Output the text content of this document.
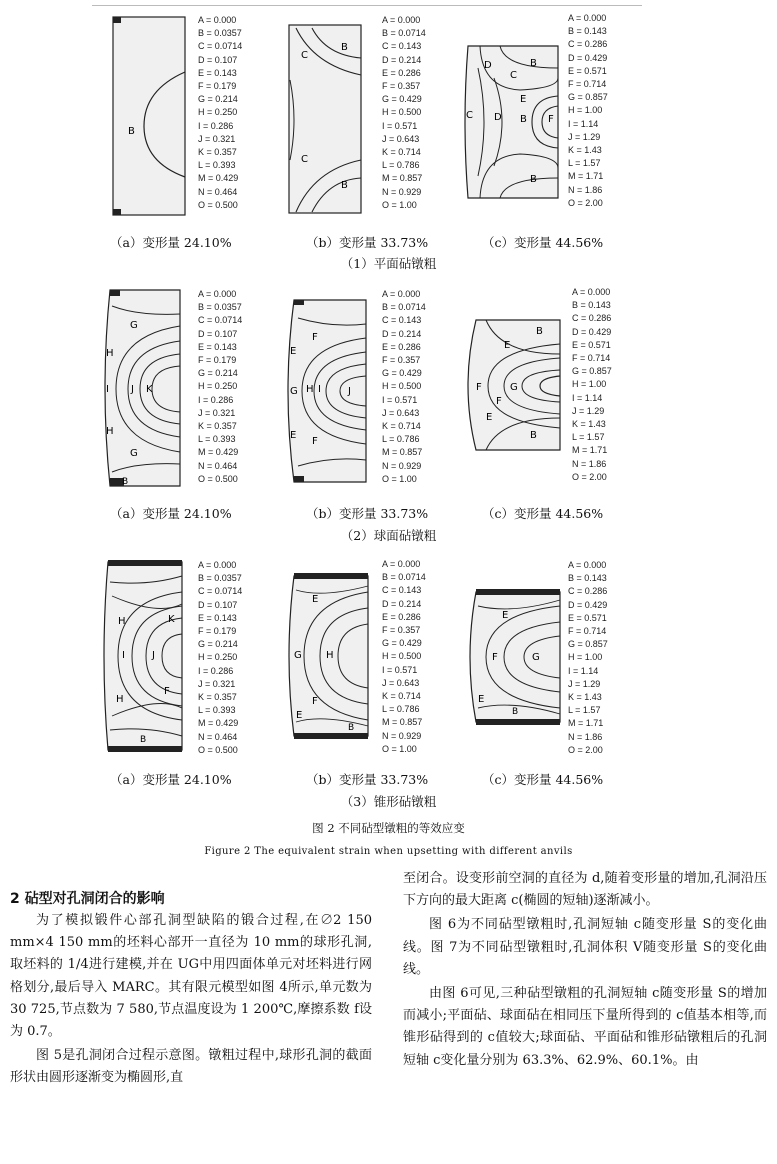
B
A = 0.000
B = 0.0357
C = 0.0714
D = 0.107
E = 0.143
F = 0.179
G = 0.214
H = 0.250
I = 0.286
J = 0.321
K = 0.357
L = 0.393
M = 0.429
N = 0.464
O = 0.500
B
C
C
B
A = 0.000
B = 0.0714
C = 0.143
D = 0.214
E = 0.286
F = 0.357
G = 0.429
H = 0.500
I = 0.571
J = 0.643
K = 0.714
L = 0.786
M = 0.857
N = 0.929
O = 1.00
D
C
B
E
D
C	B
B
F
A = 0.000
B = 0.143
C = 0.286
D = 0.429
E = 0.571
F = 0.714
G = 0.857
H = 1.00
I = 1.14
J = 1.29
K = 1.43
L = 1.57
M = 1.71
N = 1.86
O = 2.00
（a）变形量 24.10%	（b）变形量 33.73%	（c）变形量 44.56%
（1）平面砧镦粗
G
H
I J K
H
G
B
A = 0.000
B = 0.0357
C = 0.0714
D = 0.107
E = 0.143
F = 0.179
G = 0.214
H = 0.250
I = 0.286
J = 0.321
K = 0.357
L = 0.393
M = 0.429
N = 0.464
O = 0.500
F
E
G H I	J
F
E
A = 0.000
B = 0.0714
C = 0.143
D = 0.214
E = 0.286
F = 0.357
G = 0.429
H = 0.500
I = 0.571
J = 0.643
K = 0.714
L = 0.786
M = 0.857
N = 0.929
O = 1.00
E
F	G
E
F
B
B
A = 0.000
B = 0.143
C = 0.286
D = 0.429
E = 0.571
F = 0.714
G = 0.857
H = 1.00
I = 1.14
J = 1.29
K = 1.43
L = 1.57
M = 1.71
N = 1.86
O = 2.00
（a）变形量 24.10%	（b）变形量 33.73%	（c）变形量 44.56%
（2）球面砧镦粗
H	K
I	J
F
H
B
A = 0.000
B = 0.0357
C = 0.0714
D = 0.107
E = 0.143
F = 0.179
G = 0.214
H = 0.250
I = 0.286
J = 0.321
K = 0.357
L = 0.393
M = 0.429
N = 0.464
O = 0.500
E
G H
F
E
B
A = 0.000
B = 0.0714
C = 0.143
D = 0.214
E = 0.286
F = 0.357
G = 0.429
H = 0.500
I = 0.571
J = 0.643
K = 0.714
L = 0.786
M = 0.857
N = 0.929
O = 1.00
E
F	G
E
B
A = 0.000
B = 0.143
C = 0.286
D = 0.429
E = 0.571
F = 0.714
G = 0.857
H = 1.00
I = 1.14
J = 1.29
K = 1.43
L = 1.57
M = 1.71
N = 1.86
O = 2.00
（a）变形量 24.10%	（b）变形量 33.73%	（c）变形量 44.56%
（3）锥形砧镦粗
图 2 不同砧型镦粗的等效应变
Figure 2 The equivalent strain when upsetting with different anvils
2 砧型对孔洞闭合的影响

为了模拟锻件心部孔洞型缺陷的锻合过程,在∅2 150 mm×4 150 mm的坯料心部开一直径为 10 mm的球形孔洞,取坯料的 1/4进行建模,并在 UG中用四面体单元对坯料进行网格划分,最后导入 MARC。其有限元模型如图 4所示,单元数为 30 725,节点数为 7 580,节点温度设为 1 200℃,摩擦系数 f设为 0.7。

图 5是孔洞闭合过程示意图。镦粗过程中,球形孔洞的截面形状由圆形逐渐变为椭圆形,直

至闭合。设变形前空洞的直径为 d,随着变形量的增加,孔洞沿压下方向的最大距离 c(椭圆的短轴)逐渐减小。

图 6为不同砧型镦粗时,孔洞短轴 c随变形量 S的变化曲线。图 7为不同砧型镦粗时,孔洞体积 V随变形量 S的变化曲线。

由图 6可见,三种砧型镦粗的孔洞短轴 c随变形量 S的增加而减小;平面砧、球面砧在相同压下量所得到的 c值基本相等,而锥形砧得到的 c值较大;球面砧、平面砧和锥形砧镦粗后的孔洞短轴 c变化量分别为 63.3%、62.9%、60.1%。由
